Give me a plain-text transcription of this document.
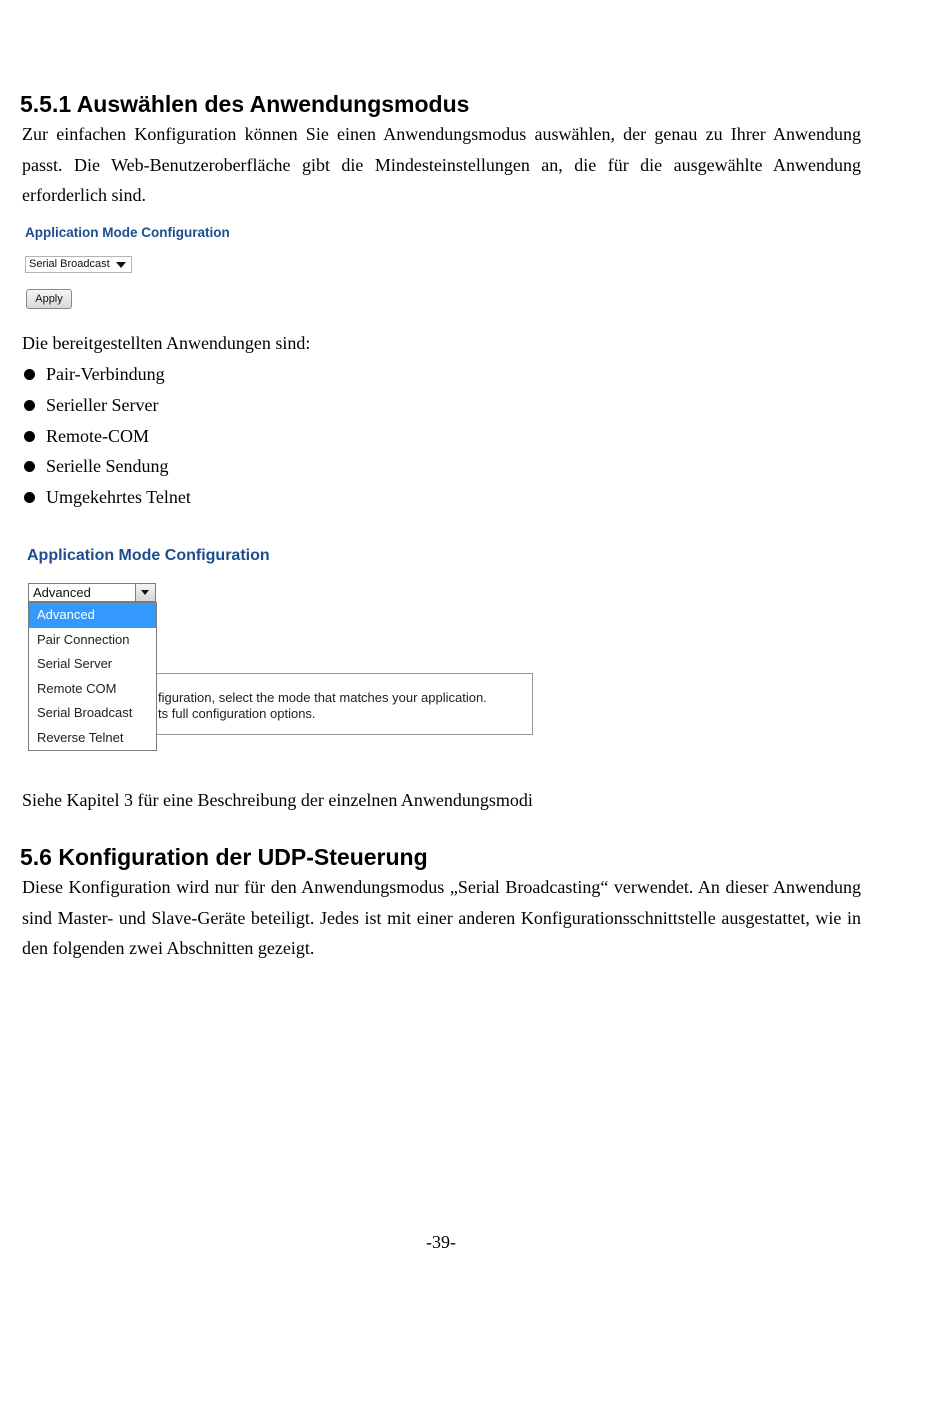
5.5.1 Auswählen des Anwendungsmodus

Zur einfachen Konfiguration können Sie einen Anwendungsmodus auswählen, der genau zu Ihrer Anwendung passt. Die Web-Benutzeroberfläche gibt die Mindesteinstellungen an, die für die ausgewählte Anwendung erforderlich sind.

Application Mode Configuration
Serial Broadcast
Apply

Die bereitgestellten Anwendungen sind:

Pair-Verbindung
Serieller Server
Remote-COM
Serielle Sendung
Umgekehrtes Telnet
Application Mode Configuration
Advanced
figuration, select the mode that matches your application.
ts full configuration options.
Advanced
Pair Connection
Serial Server
Remote COM
Serial Broadcast
Reverse Telnet

Siehe Kapitel 3 für eine Beschreibung der einzelnen Anwendungsmodi

5.6 Konfiguration der UDP-Steuerung

Diese Konfiguration wird nur für den Anwendungsmodus „Serial Broadcasting“ verwendet. An dieser Anwendung sind Master- und Slave-Geräte beteiligt. Jedes ist mit einer anderen Konfigurationsschnittstelle ausgestattet, wie in den folgenden zwei Abschnitten gezeigt.

-39-
